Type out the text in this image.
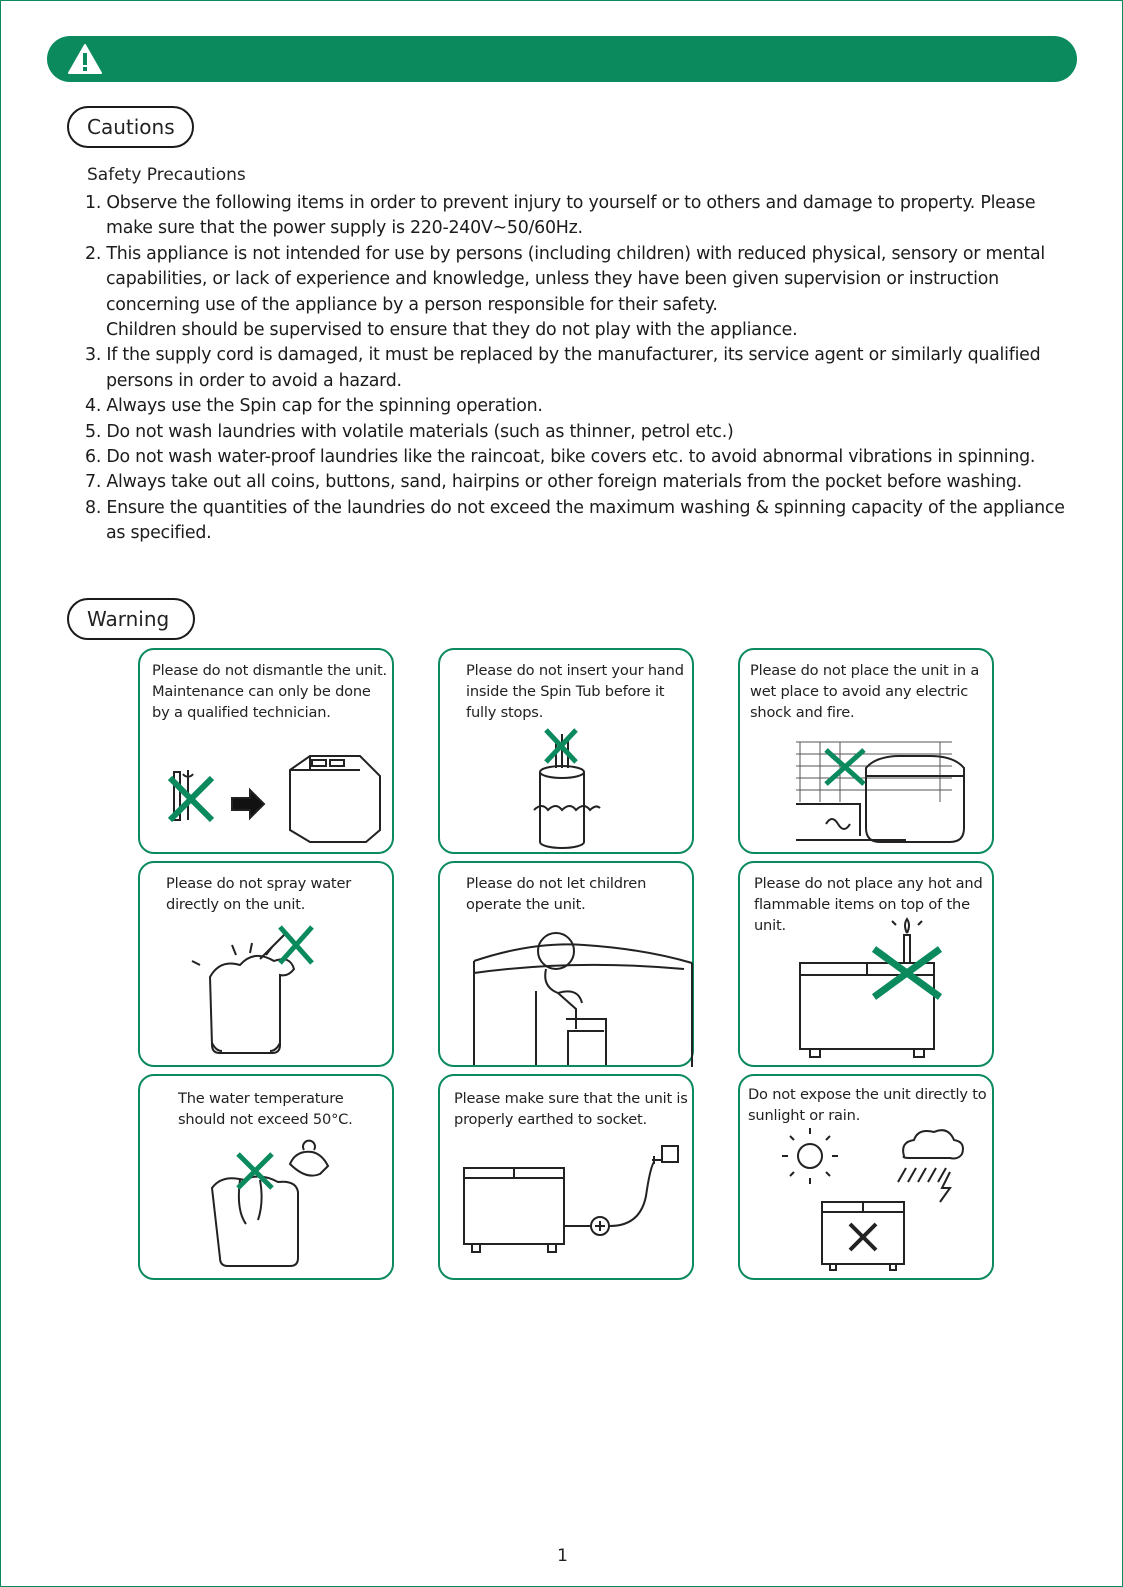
Cautions
Safety Precautions
1. Observe the following items in order to prevent injury to yourself or to others and damage to property. Please make sure that the power supply is 220-240V~50/60Hz.
2. This appliance is not intended for use by persons (including children) with reduced physical, sensory or mental capabilities, or lack of experience and knowledge, unless they have been given supervision or instruction concerning use of the appliance by a person responsible for their safety.
Children should be supervised to ensure that they do not play with the appliance.
3. If the supply cord is damaged, it must be replaced by the manufacturer, its service agent or similarly qualified persons in order to avoid a hazard.
4. Always use the Spin cap for the spinning operation.
5. Do not wash laundries with volatile materials (such as thinner, petrol etc.)
6. Do not wash water-proof laundries like the raincoat, bike covers etc. to avoid abnormal vibrations in spinning.
7. Always take out all coins, buttons, sand, hairpins or other foreign materials from the pocket before washing.
8. Ensure the quantities of the laundries do not exceed the maximum washing & spinning capacity of the appliance as specified.
Warning
Please do not dismantle the unit. Maintenance can only be done by a qualified technician.
Please do not insert your hand inside the Spin Tub before it fully stops.
Please do not place the unit in a wet place to avoid any electric shock and fire.
Please do not spray water directly on the unit.
Please do not let children operate the unit.
Please do not place any hot and flammable items on top of the unit.
The water temperature should not exceed 50°C.
Please make sure that the unit is properly earthed to socket.
Do not expose the unit directly to sunlight or rain.
1
